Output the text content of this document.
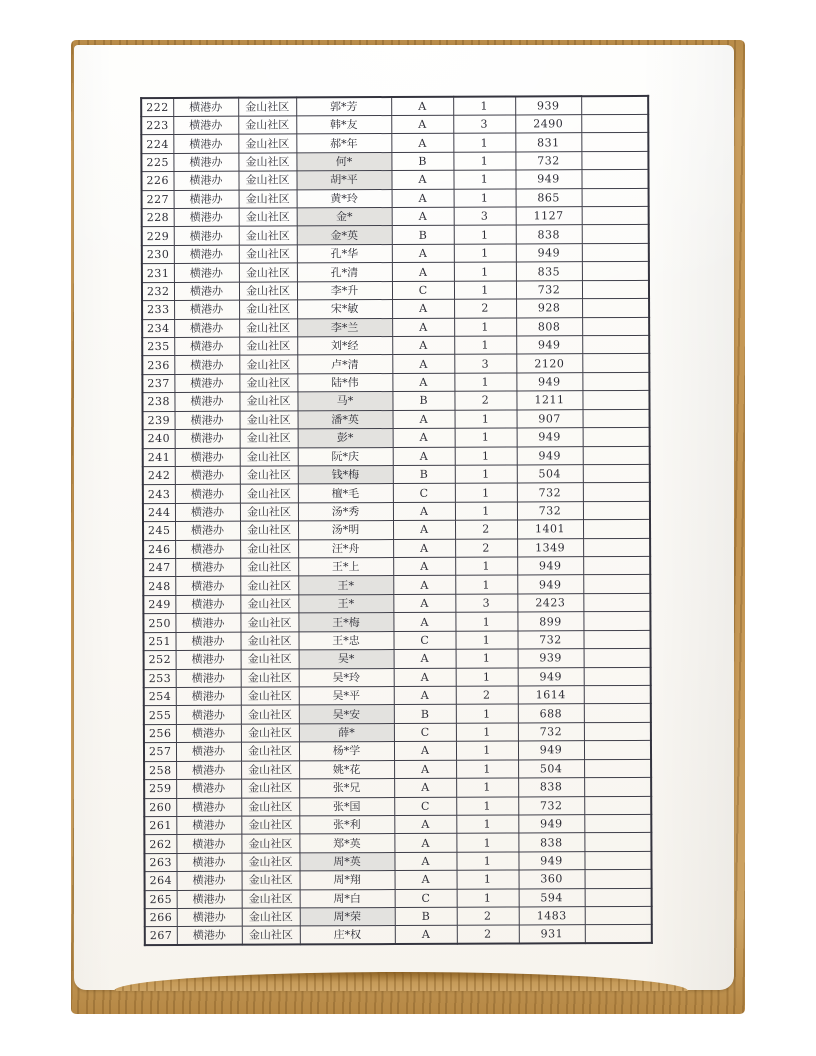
222	横港办	金山社区	郭*芳	A	1	939	
223	横港办	金山社区	韩*友	A	3	2490	
224	横港办	金山社区	郝*年	A	1	831	
225	横港办	金山社区	何*	B	1	732	
226	横港办	金山社区	胡*平	A	1	949	
227	横港办	金山社区	黄*玲	A	1	865	
228	横港办	金山社区	金*	A	3	1127	
229	横港办	金山社区	金*英	B	1	838	
230	横港办	金山社区	孔*华	A	1	949	
231	横港办	金山社区	孔*清	A	1	835	
232	横港办	金山社区	李*升	C	1	732	
233	横港办	金山社区	宋*敏	A	2	928	
234	横港办	金山社区	李*兰	A	1	808	
235	横港办	金山社区	刘*经	A	1	949	
236	横港办	金山社区	卢*清	A	3	2120	
237	横港办	金山社区	陆*伟	A	1	949	
238	横港办	金山社区	马*	B	2	1211	
239	横港办	金山社区	潘*英	A	1	907	
240	横港办	金山社区	彭*	A	1	949	
241	横港办	金山社区	阮*庆	A	1	949	
242	横港办	金山社区	钱*梅	B	1	504	
243	横港办	金山社区	檀*毛	C	1	732	
244	横港办	金山社区	汤*秀	A	1	732	
245	横港办	金山社区	汤*明	A	2	1401	
246	横港办	金山社区	汪*舟	A	2	1349	
247	横港办	金山社区	王*上	A	1	949	
248	横港办	金山社区	王*	A	1	949	
249	横港办	金山社区	王*	A	3	2423	
250	横港办	金山社区	王*梅	A	1	899	
251	横港办	金山社区	王*忠	C	1	732	
252	横港办	金山社区	吴*	A	1	939	
253	横港办	金山社区	吴*玲	A	1	949	
254	横港办	金山社区	吴*平	A	2	1614	
255	横港办	金山社区	吴*安	B	1	688	
256	横港办	金山社区	薛*	C	1	732	
257	横港办	金山社区	杨*学	A	1	949	
258	横港办	金山社区	姚*花	A	1	504	
259	横港办	金山社区	张*兄	A	1	838	
260	横港办	金山社区	张*国	C	1	732	
261	横港办	金山社区	张*利	A	1	949	
262	横港办	金山社区	郑*英	A	1	838	
263	横港办	金山社区	周*英	A	1	949	
264	横港办	金山社区	周*翔	A	1	360	
265	横港办	金山社区	周*白	C	1	594	
266	横港办	金山社区	周*荣	B	2	1483	
267	横港办	金山社区	庄*权	A	2	931	
